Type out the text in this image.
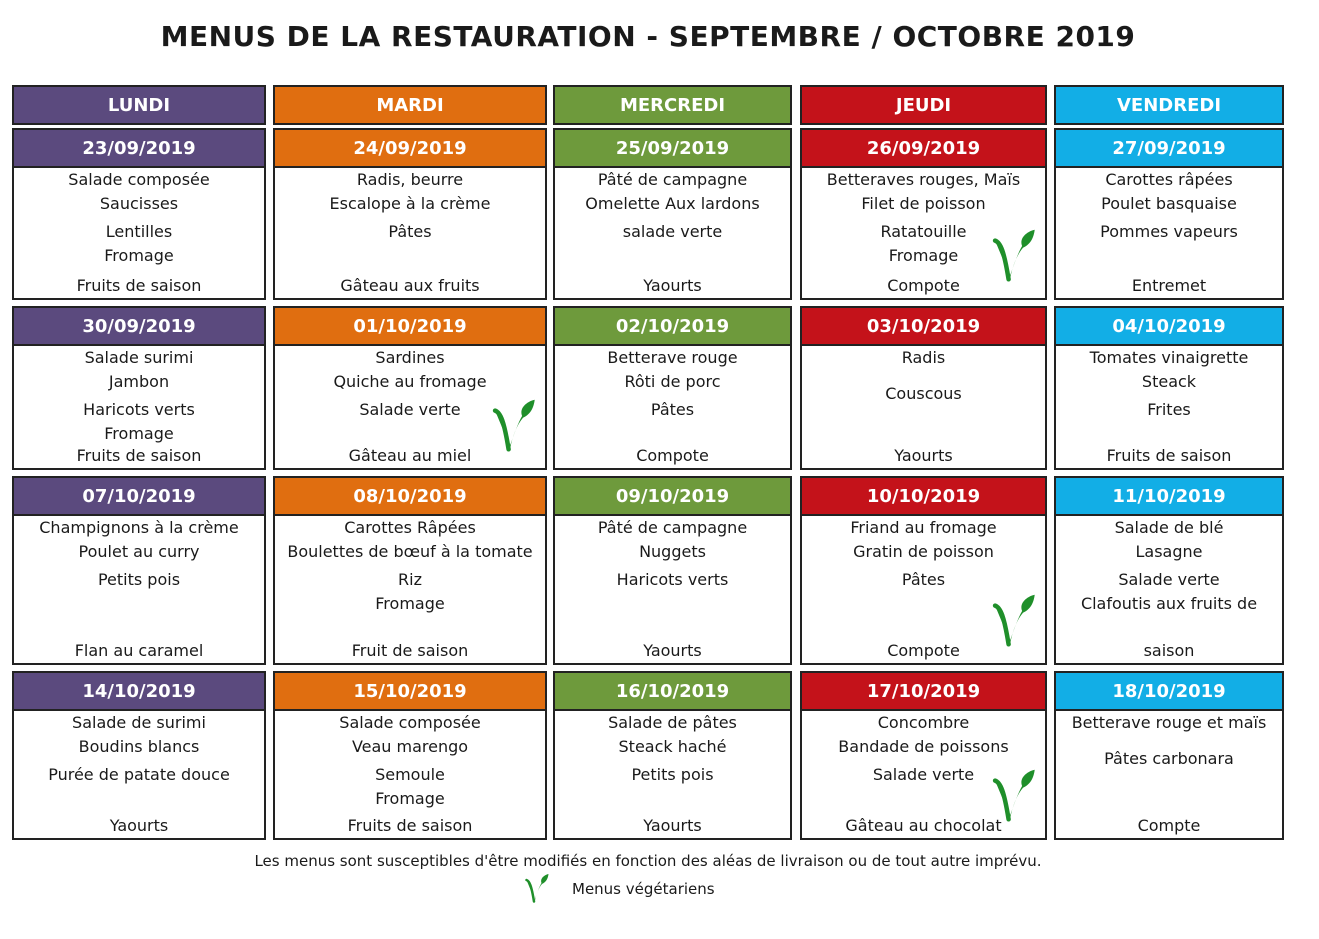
MENUS DE LA RESTAURATION - SEPTEMBRE / OCTOBRE 2019
LUNDI
23/09/2019
Salade composée
Saucisses
Lentilles
Fromage
Fruits de saison
30/09/2019
Salade surimi
Jambon
Haricots verts
Fromage
Fruits de saison
07/10/2019
Champignons à la crème
Poulet au curry
Petits pois
Flan au caramel
14/10/2019
Salade de surimi
Boudins blancs
Purée de patate douce
Yaourts
MARDI
24/09/2019
Radis, beurre
Escalope à la crème
Pâtes
Gâteau aux fruits
01/10/2019
Sardines
Quiche au fromage
Salade verte
Gâteau au miel
08/10/2019
Carottes Râpées
Boulettes de bœuf à la tomate
Riz
Fromage
Fruit de saison
15/10/2019
Salade composée
Veau marengo
Semoule
Fromage
Fruits de saison
MERCREDI
25/09/2019
Pâté de campagne
Omelette Aux lardons
salade verte
Yaourts
02/10/2019
Betterave rouge
Rôti de porc
Pâtes
Compote
09/10/2019
Pâté de campagne
Nuggets
Haricots verts
Yaourts
16/10/2019
Salade de pâtes
Steack haché
Petits pois
Yaourts
JEUDI
26/09/2019
Betteraves rouges, Maïs
Filet de poisson
Ratatouille
Fromage
Compote
03/10/2019
Radis
Couscous
Yaourts
10/10/2019
Friand au fromage
Gratin de poisson
Pâtes
Compote
17/10/2019
Concombre
Bandade de poissons
Salade verte
Gâteau au chocolat
VENDREDI
27/09/2019
Carottes râpées
Poulet basquaise
Pommes vapeurs
Entremet
04/10/2019
Tomates vinaigrette
Steack
Frites
Fruits de saison
11/10/2019
Salade de blé
Lasagne
Salade verte
Clafoutis aux fruits de
saison
18/10/2019
Betterave rouge et maïs
Pâtes carbonara
Compte
Les menus sont susceptibles d'être modifiés en fonction des aléas de livraison ou de tout autre imprévu.
Menus végétariens
